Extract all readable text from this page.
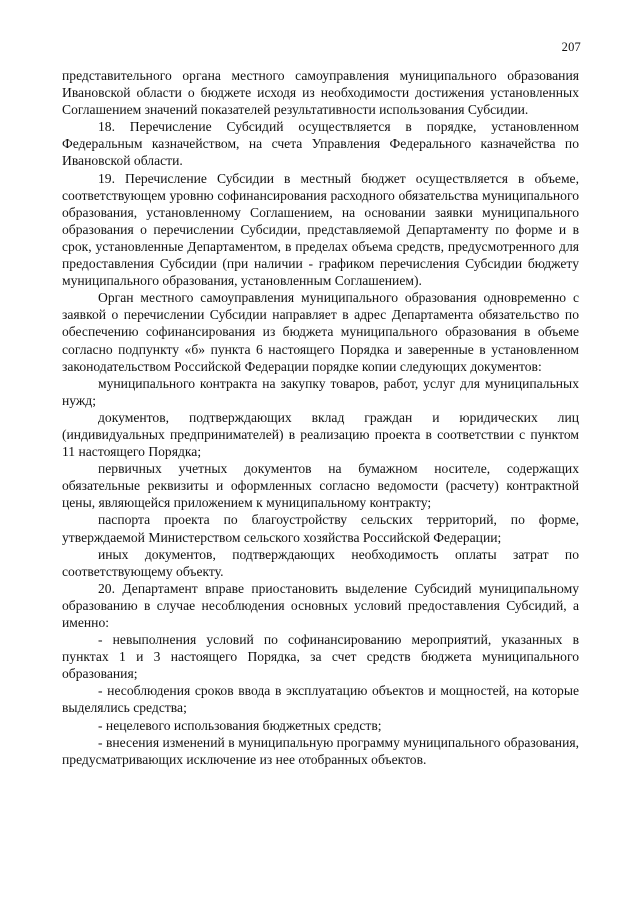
207

представительного органа местного самоуправления муниципального образования Ивановской области о бюджете исходя из необходимости достижения установленных Соглашением значений показателей результативности использования Субсидии.

18. Перечисление Субсидий осуществляется в порядке, установленном Федеральным казначейством, на счета Управления Федерального казначейства по Ивановской области.

19. Перечисление Субсидии в местный бюджет осуществляется в объеме, соответствующем уровню софинансирования расходного обязательства муниципального образования, установленному Соглашением, на основании заявки муниципального образования о перечислении Субсидии, представляемой Департаменту по форме и в срок, установленные Департаментом, в пределах объема средств, предусмотренного для предоставления Субсидии (при наличии - графиком перечисления Субсидии бюджету муниципального образования, установленным Соглашением).

Орган местного самоуправления муниципального образования одновременно с заявкой о перечислении Субсидии направляет в адрес Департамента обязательство по обеспечению софинансирования из бюджета муниципального образования в объеме согласно подпункту «б» пункта 6 настоящего Порядка и заверенные в установленном законодательством Российской Федерации порядке копии следующих документов:

муниципального контракта на закупку товаров, работ, услуг для муниципальных нужд;

документов, подтверждающих вклад граждан и юридических лиц (индивидуальных предпринимателей) в реализацию проекта в соответствии с пунктом 11 настоящего Порядка;

первичных учетных документов на бумажном носителе, содержащих обязательные реквизиты и оформленных согласно ведомости (расчету) контрактной цены, являющейся приложением к муниципальному контракту;

паспорта проекта по благоустройству сельских территорий, по форме, утверждаемой Министерством сельского хозяйства Российской Федерации;

иных документов, подтверждающих необходимость оплаты затрат по соответствующему объекту.

20. Департамент вправе приостановить выделение Субсидий муниципальному образованию в случае несоблюдения основных условий предоставления Субсидий, а именно:

- невыполнения условий по софинансированию мероприятий, указанных в пунктах 1 и 3 настоящего Порядка, за счет средств бюджета муниципального образования;

- несоблюдения сроков ввода в эксплуатацию объектов и мощностей, на которые выделялись средства;

- нецелевого использования бюджетных средств;

- внесения изменений в муниципальную программу муниципального образования, предусматривающих исключение из нее отобранных объектов.
